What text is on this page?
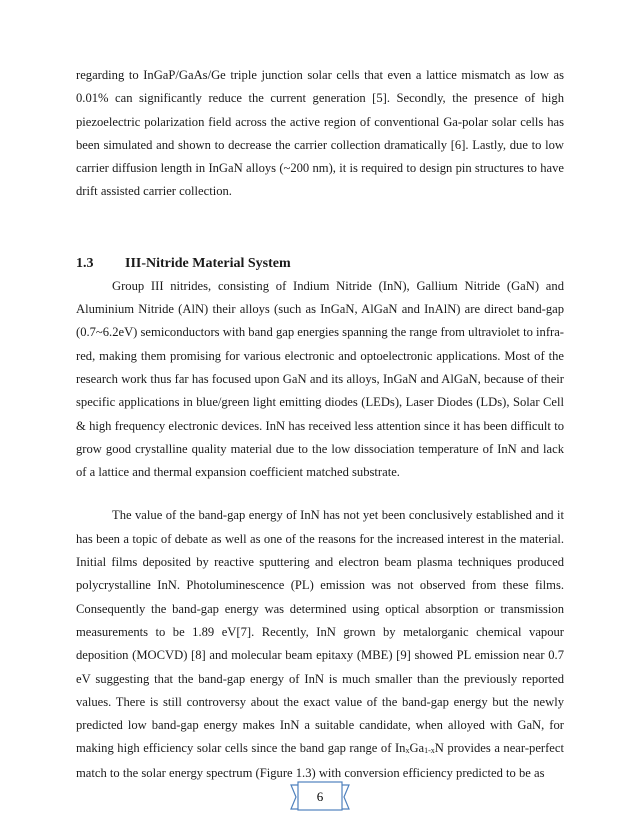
regarding to InGaP/GaAs/Ge triple junction solar cells that even a lattice mismatch as low as 0.01% can significantly reduce the current generation [5]. Secondly, the presence of high piezoelectric polarization field across the active region of conventional Ga-polar solar cells has been simulated and shown to decrease the carrier collection dramatically [6]. Lastly, due to low carrier diffusion length in InGaN alloys (~200 nm), it is required to design pin structures to have drift assisted carrier collection.

1.3 III-Nitride Material System

Group III nitrides, consisting of Indium Nitride (InN), Gallium Nitride (GaN) and Aluminium Nitride (AlN) their alloys (such as InGaN, AlGaN and InAlN) are direct band-gap (0.7~6.2eV) semiconductors with band gap energies spanning the range from ultraviolet to infra-red, making them promising for various electronic and optoelectronic applications. Most of the research work thus far has focused upon GaN and its alloys, InGaN and AlGaN, because of their specific applications in blue/green light emitting diodes (LEDs), Laser Diodes (LDs), Solar Cell & high frequency electronic devices. InN has received less attention since it has been difficult to grow good crystalline quality material due to the low dissociation temperature of InN and lack of a lattice and thermal expansion coefficient matched substrate.

The value of the band-gap energy of InN has not yet been conclusively established and it has been a topic of debate as well as one of the reasons for the increased interest in the material. Initial films deposited by reactive sputtering and electron beam plasma techniques produced polycrystalline InN. Photoluminescence (PL) emission was not observed from these films. Consequently the band-gap energy was determined using optical absorption or transmission measurements to be 1.89 eV[7]. Recently, InN grown by metalorganic chemical vapour deposition (MOCVD) [8] and molecular beam epitaxy (MBE) [9] showed PL emission near 0.7 eV suggesting that the band-gap energy of InN is much smaller than the previously reported values. There is still controversy about the exact value of the band-gap energy but the newly predicted low band-gap energy makes InN a suitable candidate, when alloyed with GaN, for making high efficiency solar cells since the band gap range of $In_xGa_{1-x}N$ provides a near-perfect match to the solar energy spectrum (Figure 1.3) with conversion efficiency predicted to be as

6
